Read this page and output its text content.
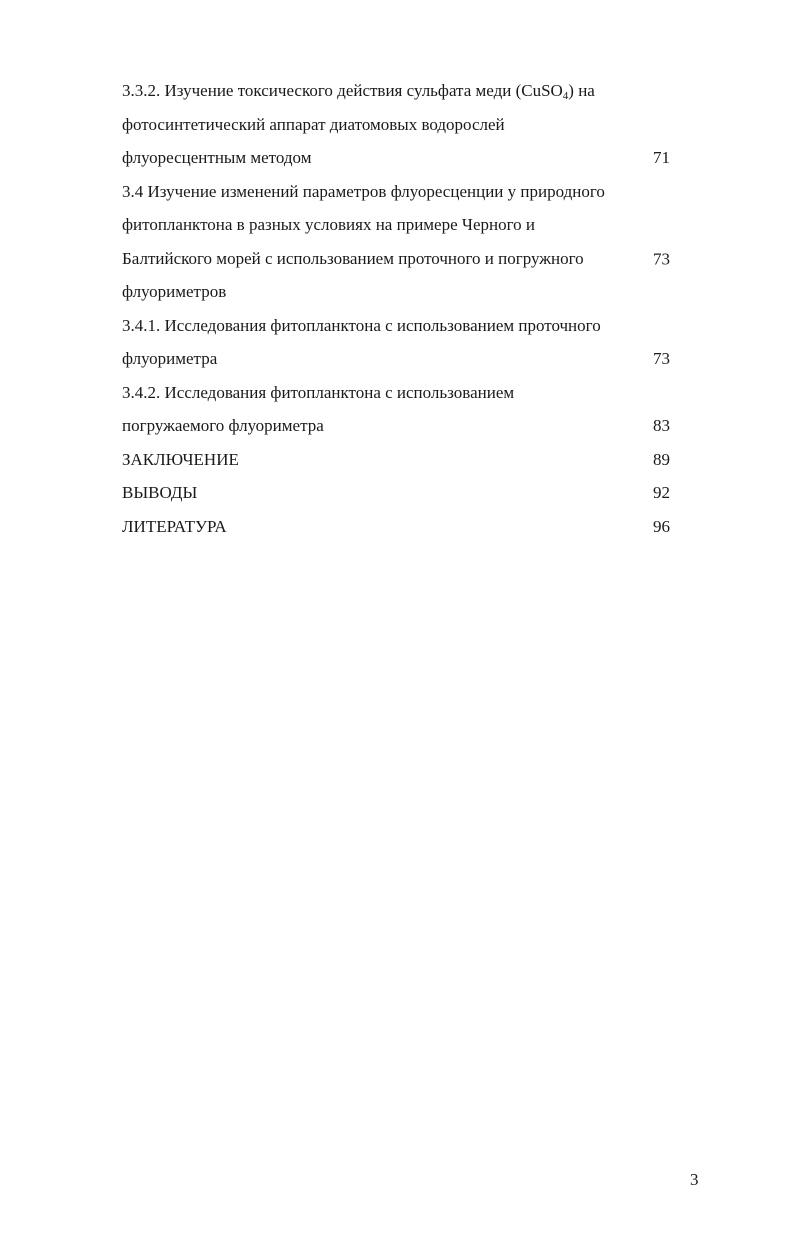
3.3.2. Изучение токсического действия сульфата меди (CuSO$_4$) на
фотосинтетический аппарат диатомовых водорослей
флуоресцентным методом	71
3.4 Изучение изменений параметров флуоресценции у природного
фитопланктона в разных условиях на примере Черного и
Балтийского морей с использованием проточного и погружного
флуориметров
73
3.4.1. Исследования фитопланктона с использованием проточного
флуориметра	73
3.4.2. Исследования фитопланктона с использованием
погружаемого флуориметра	83
ЗАКЛЮЧЕНИЕ	89
ВЫВОДЫ	92
ЛИТЕРАТУРА	96
3
